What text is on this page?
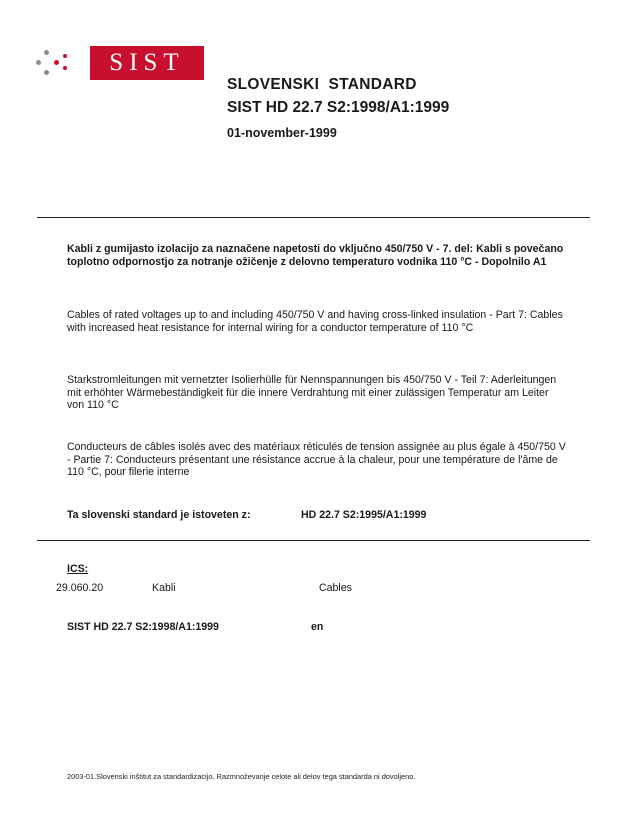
SIST
SLOVENSKI  STANDARD
SIST HD 22.7 S2:1998/A1:1999
01-november-1999
Kabli z gumijasto izolacijo za naznačene napetosti do vključno 450/750 V - 7. del: Kabli s povečano toplotno odpornostjo za notranje ožičenje z delovno temperaturo vodnika 110 °C - Dopolnilo A1
Cables of rated voltages up to and including 450/750 V and having cross-linked insulation - Part 7: Cables with increased heat resistance for internal wiring for a conductor temperature of 110 °C
Starkstromleitungen mit vernetzter Isolierhülle für Nennspannungen bis 450/750 V - Teil 7: Aderleitungen mit erhöhter Wärmebeständigkeit für die innere Verdrahtung mit einer zulässigen Temperatur am Leiter von 110 °C
Conducteurs de câbles isolés avec des matériaux réticulés de tension assignée au plus égale à 450/750 V - Partie 7: Conducteurs présentant une résistance accrue à la chaleur, pour une température de l'âme de 110 °C, pour filerie interne
Ta slovenski standard je istoveten z:	HD 22.7 S2:1995/A1:1999
ICS:
29.060.20	Kabli	Cables
SIST HD 22.7 S2:1998/A1:1999	en
2003-01.Slovenski inštitut za standardizacijo. Razmnoževanje celote ali delov tega standarda ni dovoljeno.
